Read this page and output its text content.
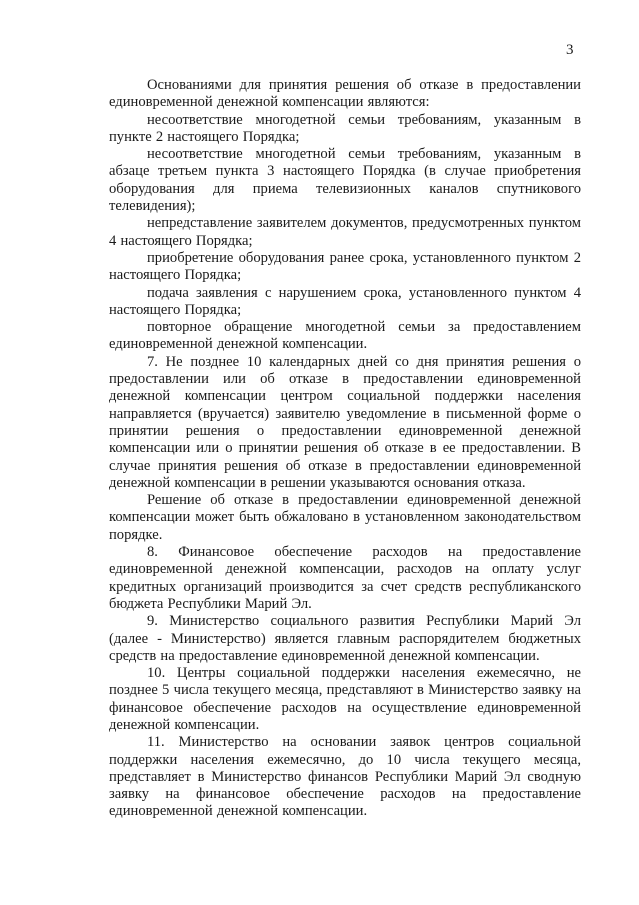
3

Основаниями для принятия решения об отказе в предоставлении единовременной денежной компенсации являются:

несоответствие многодетной семьи требованиям, указанным в пункте 2 настоящего Порядка;

несоответствие многодетной семьи требованиям, указанным в абзаце третьем пункта 3 настоящего Порядка (в случае приобретения оборудования для приема телевизионных каналов спутникового телевидения);

непредставление заявителем документов, предусмотренных пунктом 4 настоящего Порядка;

приобретение оборудования ранее срока, установленного пунктом 2 настоящего Порядка;

подача заявления с нарушением срока, установленного пунктом 4 настоящего Порядка;

повторное обращение многодетной семьи за предоставлением единовременной денежной компенсации.

7. Не позднее 10 календарных дней со дня принятия решения о предоставлении или об отказе в предоставлении единовременной денежной компенсации центром социальной поддержки населения направляется (вручается) заявителю уведомление в письменной форме о принятии решения о предоставлении единовременной денежной компенсации или о принятии решения об отказе в ее предоставлении. В случае принятия решения об отказе в предоставлении единовременной денежной компенсации в решении указываются основания отказа.

Решение об отказе в предоставлении единовременной денежной компенсации может быть обжаловано в установленном законодательством порядке.

8. Финансовое обеспечение расходов на предоставление единовременной денежной компенсации, расходов на оплату услуг кредитных организаций производится за счет средств республиканского бюджета Республики Марий Эл.

9. Министерство социального развития Республики Марий Эл (далее - Министерство) является главным распорядителем бюджетных средств на предоставление единовременной денежной компенсации.

10. Центры социальной поддержки населения ежемесячно, не позднее 5 числа текущего месяца, представляют в Министерство заявку на финансовое обеспечение расходов на осуществление единовременной денежной компенсации.

11. Министерство на основании заявок центров социальной поддержки населения ежемесячно, до 10 числа текущего месяца, представляет в Министерство финансов Республики Марий Эл сводную заявку на финансовое обеспечение расходов на предоставление единовременной денежной компенсации.
